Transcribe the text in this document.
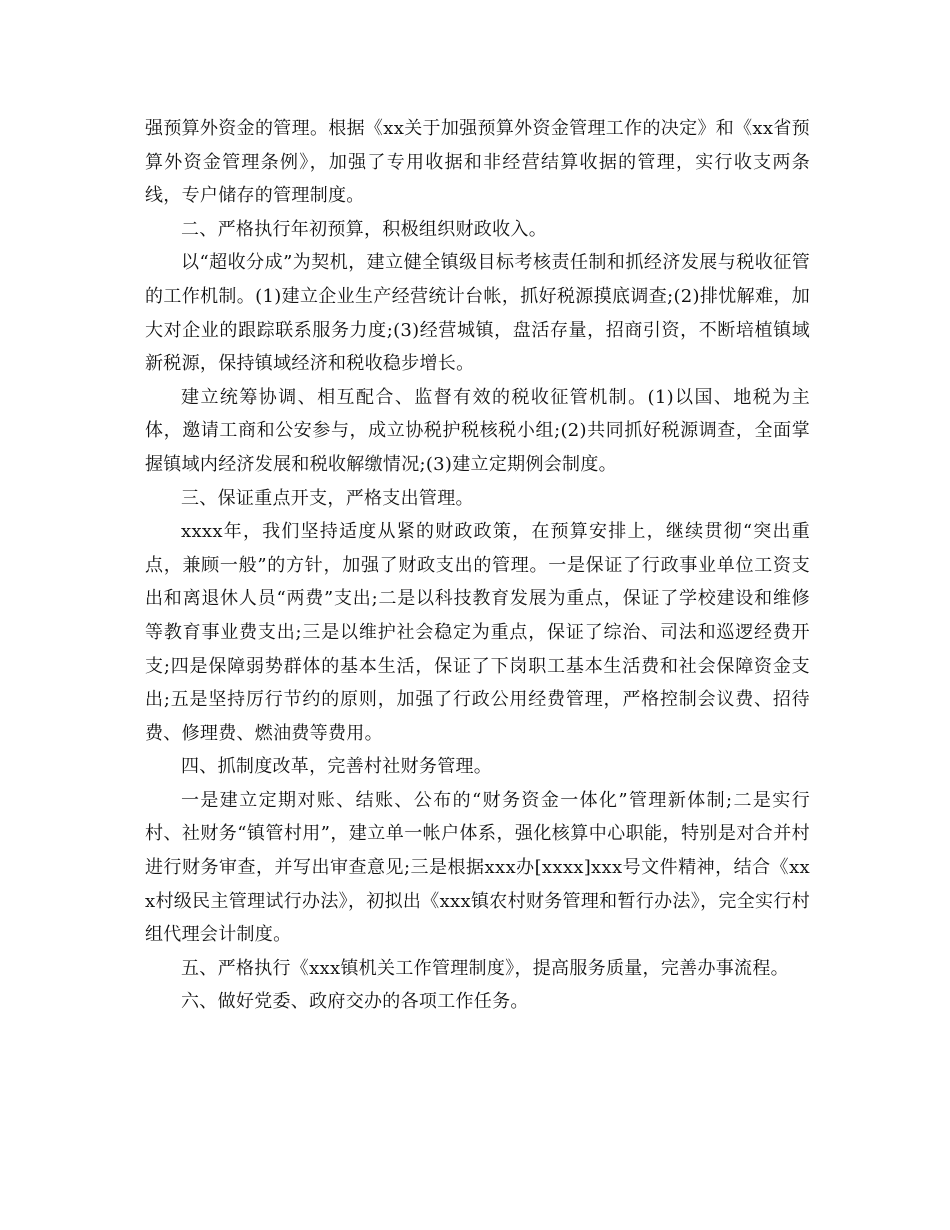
强预算外资金的管理。根据《xx关于加强预算外资金管理工作的决定》和《xx省预算外资金管理条例》，加强了专用收据和非经营结算收据的管理，实行收支两条线，专户储存的管理制度。

二、严格执行年初预算，积极组织财政收入。

以“超收分成”为契机，建立健全镇级目标考核责任制和抓经济发展与税收征管的工作机制。(1)建立企业生产经营统计台帐，抓好税源摸底调查;(2)排忧解难，加大对企业的跟踪联系服务力度;(3)经营城镇，盘活存量，招商引资，不断培植镇域新税源，保持镇域经济和税收稳步增长。

建立统筹协调、相互配合、监督有效的税收征管机制。(1)以国、地税为主体，邀请工商和公安参与，成立协税护税核税小组;(2)共同抓好税源调查，全面掌握镇域内经济发展和税收解缴情况;(3)建立定期例会制度。

三、保证重点开支，严格支出管理。

xxxx年，我们坚持适度从紧的财政政策，在预算安排上，继续贯彻“突出重点，兼顾一般”的方针，加强了财政支出的管理。一是保证了行政事业单位工资支出和离退休人员“两费”支出;二是以科技教育发展为重点，保证了学校建设和维修等教育事业费支出;三是以维护社会稳定为重点，保证了综治、司法和巡逻经费开支;四是保障弱势群体的基本生活，保证了下岗职工基本生活费和社会保障资金支出;五是坚持厉行节约的原则，加强了行政公用经费管理，严格控制会议费、招待费、修理费、燃油费等费用。

四、抓制度改革，完善村社财务管理。

一是建立定期对账、结账、公布的“财务资金一体化”管理新体制;二是实行村、社财务“镇管村用”，建立单一帐户体系，强化核算中心职能，特别是对合并村进行财务审查，并写出审查意见;三是根据xxx办[xxxx]xxx号文件精神，结合《xxx村级民主管理试行办法》，初拟出《xxx镇农村财务管理和暂行办法》，完全实行村组代理会计制度。

五、严格执行《xxx镇机关工作管理制度》，提高服务质量，完善办事流程。

六、做好党委、政府交办的各项工作任务。
